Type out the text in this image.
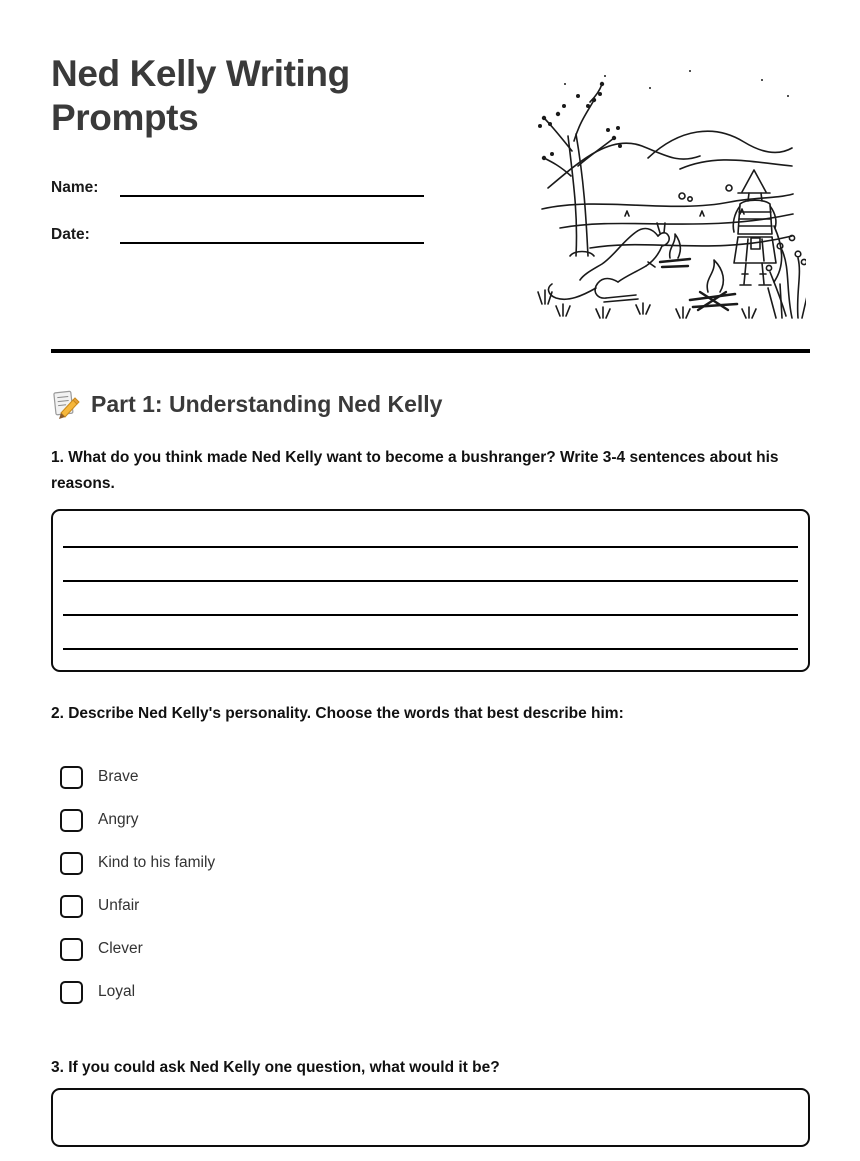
Ned Kelly Writing Prompts
Name:
Date:
Part 1: Understanding Ned Kelly

1. What do you think made Ned Kelly want to become a bushranger? Write 3-4 sentences about his reasons.

2. Describe Ned Kelly's personality. Choose the words that best describe him:

Brave
Angry
Kind to his family
Unfair
Clever
Loyal

3. If you could ask Ned Kelly one question, what would it be?
